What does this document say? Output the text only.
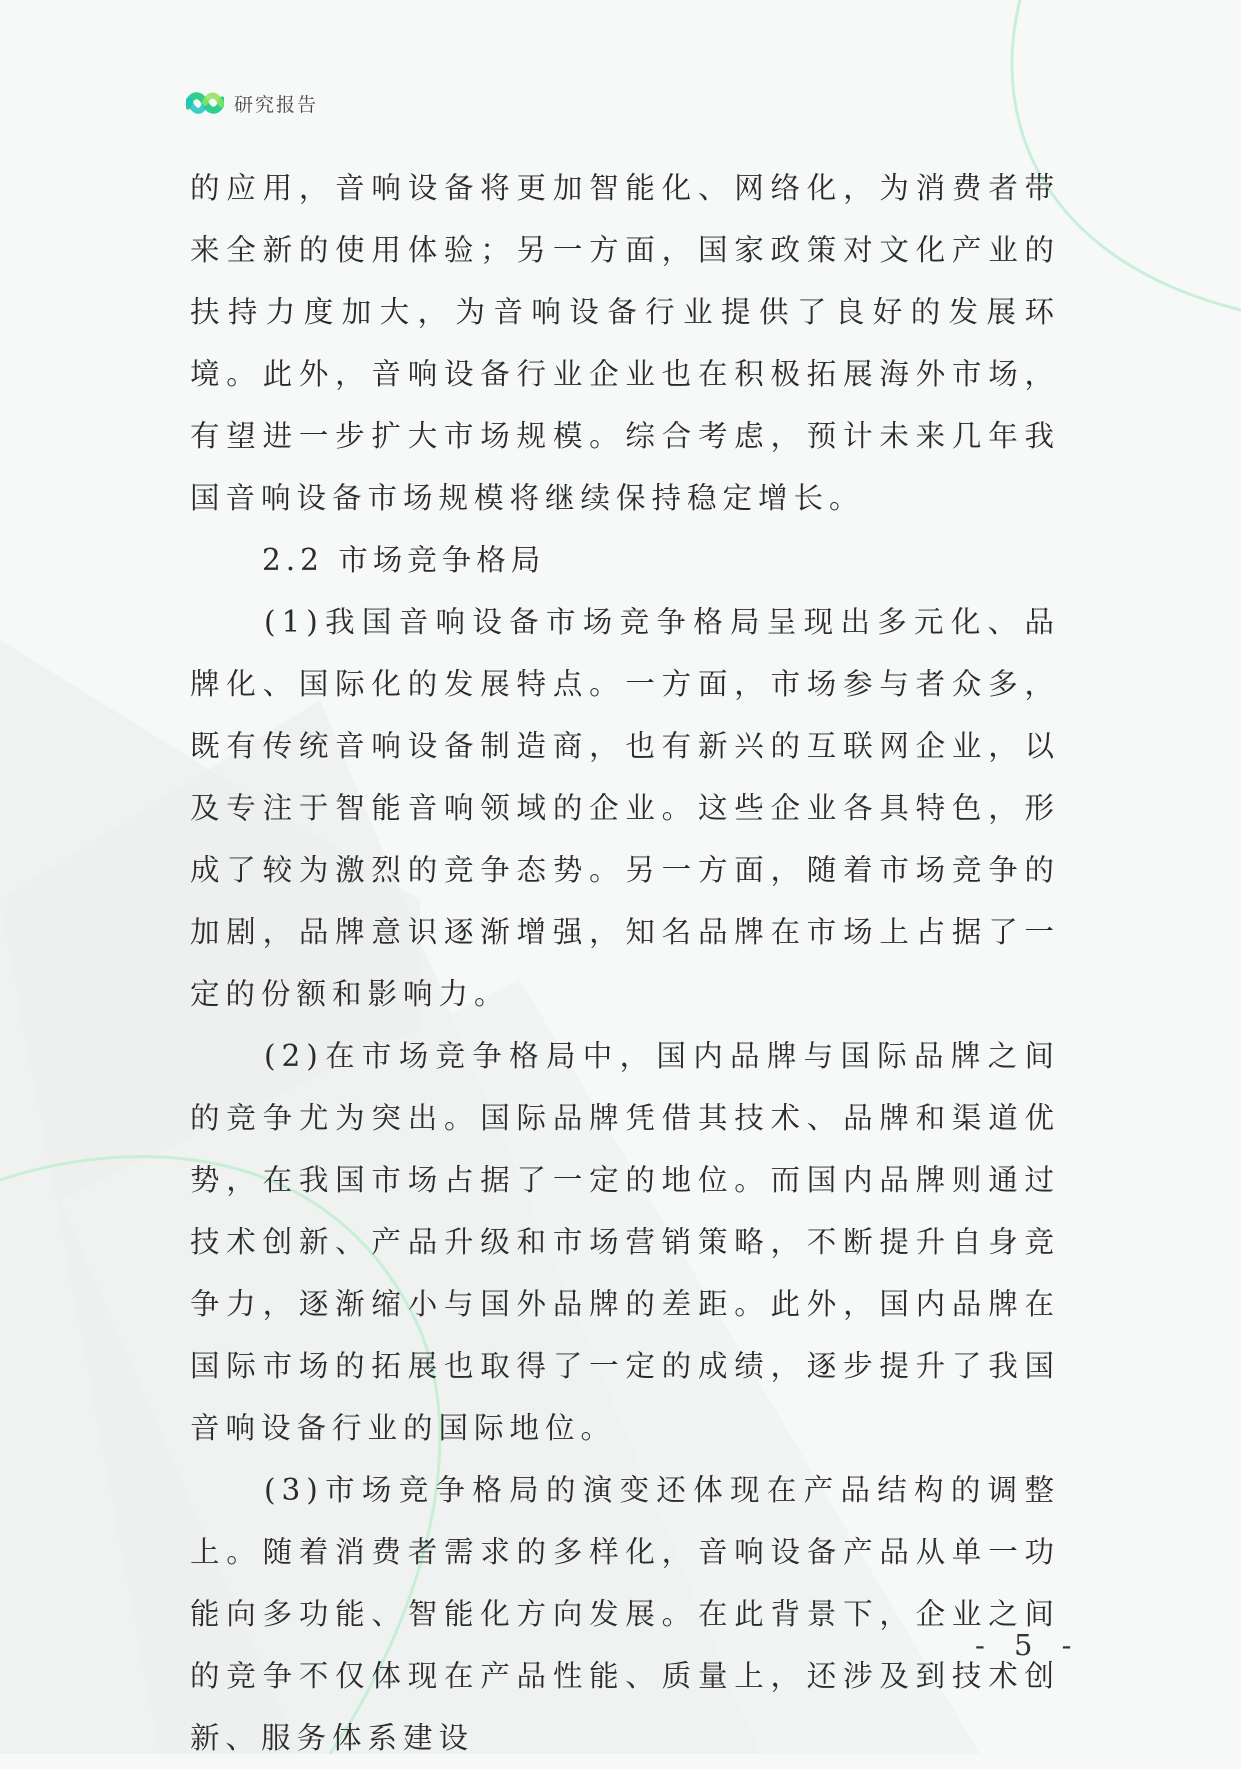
研究报告

的应用，音响设备将更加智能化、网络化，为消费者带来全新的使用体验；另一方面，国家政策对文化产业的扶持力度加大，为音响设备行业提供了良好的发展环境。此外，音响设备行业企业也在积极拓展海外市场，有望进一步扩大市场规模。综合考虑，预计未来几年我国音响设备市场规模将继续保持稳定增长。

2.2 市场竞争格局

(1)我国音响设备市场竞争格局呈现出多元化、品牌化、国际化的发展特点。一方面，市场参与者众多，既有传统音响设备制造商，也有新兴的互联网企业，以及专注于智能音响领域的企业。这些企业各具特色，形成了较为激烈的竞争态势。另一方面，随着市场竞争的加剧，品牌意识逐渐增强，知名品牌在市场上占据了一定的份额和影响力。

(2)在市场竞争格局中，国内品牌与国际品牌之间的竞争尤为突出。国际品牌凭借其技术、品牌和渠道优势，在我国市场占据了一定的地位。而国内品牌则通过技术创新、产品升级和市场营销策略，不断提升自身竞争力，逐渐缩小与国外品牌的差距。此外，国内品牌在国际市场的拓展也取得了一定的成绩，逐步提升了我国音响设备行业的国际地位。

(3)市场竞争格局的演变还体现在产品结构的调整上。随着消费者需求的多样化，音响设备产品从单一功能向多功能、智能化方向发展。在此背景下，企业之间的竞争不仅体现在产品性能、质量上，还涉及到技术创新、服务体系建设

- 5 -
